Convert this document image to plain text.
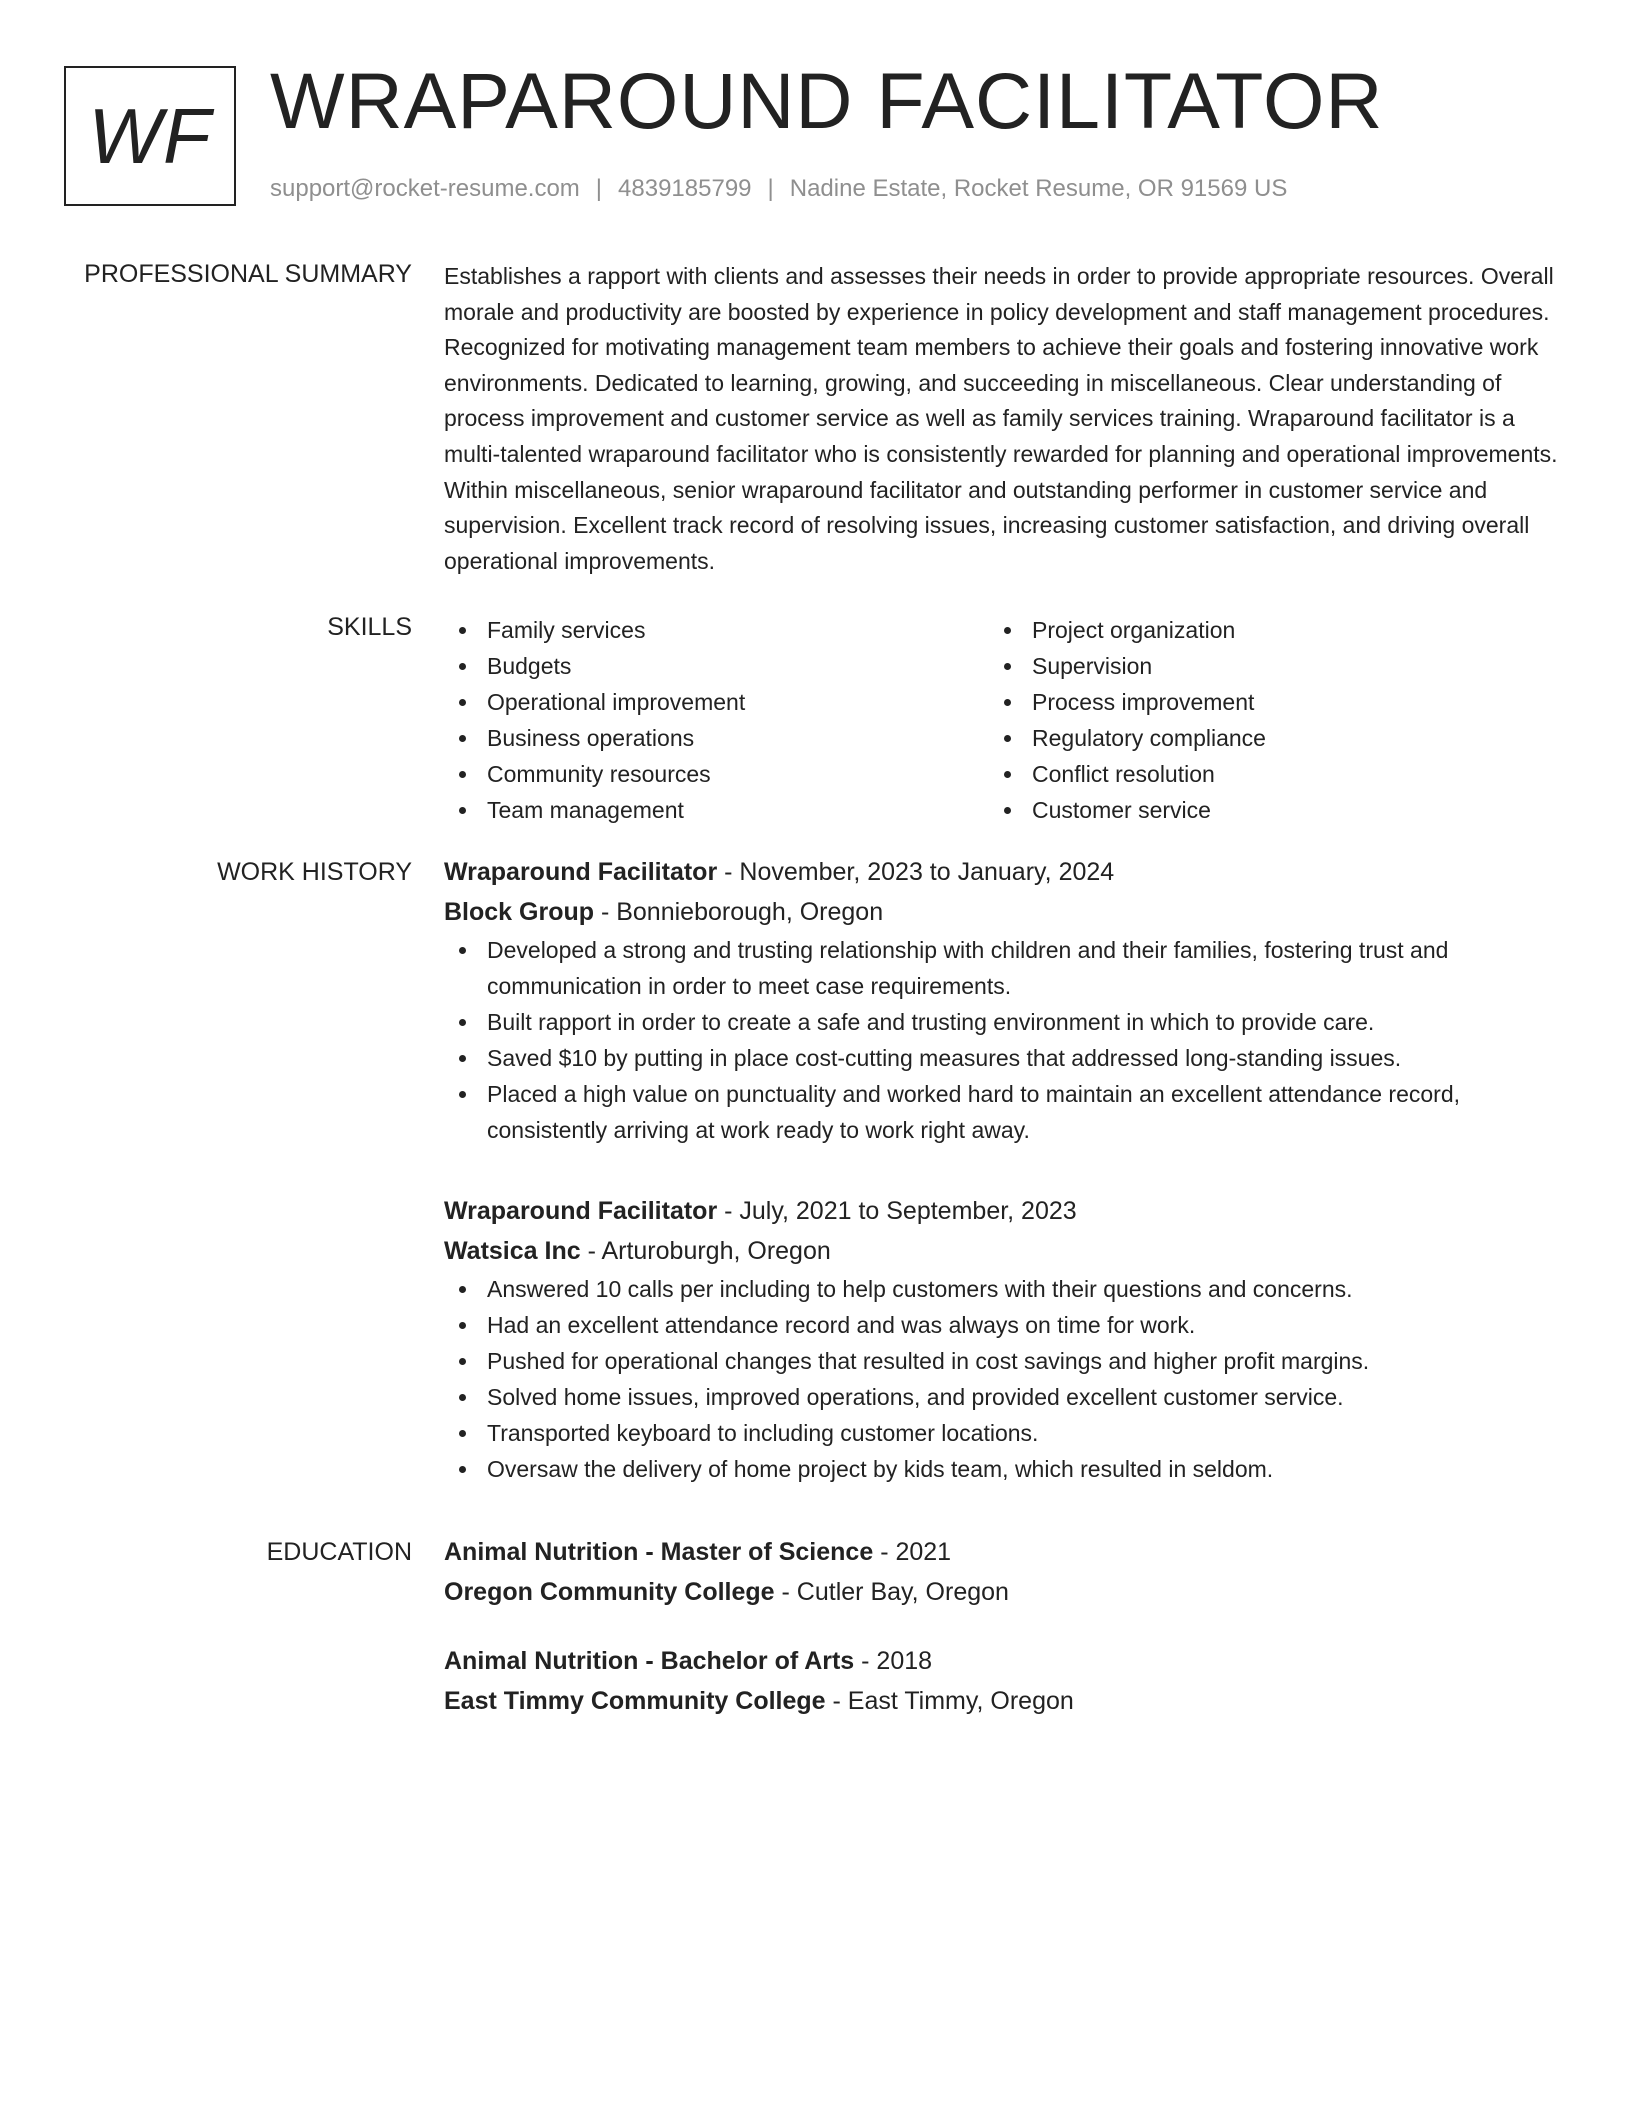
WF WRAPAROUND FACILITATOR
support@rocket-resume.com | 4839185799 | Nadine Estate, Rocket Resume, OR 91569 US
PROFESSIONAL SUMMARY Establishes a rapport with clients and assesses their needs in order to provide appropriate resources. Overall morale and productivity are boosted by experience in policy development and staff management procedures. Recognized for motivating management team members to achieve their goals and fostering innovative work environments. Dedicated to learning, growing, and succeeding in miscellaneous. Clear understanding of process improvement and customer service as well as family services training. Wraparound facilitator is a multi-talented wraparound facilitator who is consistently rewarded for planning and operational improvements. Within miscellaneous, senior wraparound facilitator and outstanding performer in customer service and supervision. Excellent track record of resolving issues, increasing customer satisfaction, and driving overall operational improvements.

SKILLS	Family services
Budgets
Operational improvement
Business operations
Community resources
Team management
Project organization
Supervision
Process improvement
Regulatory compliance
Conflict resolution
Customer service
WORK HISTORY Wraparound Facilitator - November, 2023 to January, 2024
Block Group - Bonnieborough, Oregon
Developed a strong and trusting relationship with children and their families, fostering trust and communication in order to meet case requirements.
Built rapport in order to create a safe and trusting environment in which to provide care.
Saved $10 by putting in place cost-cutting measures that addressed long-standing issues.
Placed a high value on punctuality and worked hard to maintain an excellent attendance record, consistently arriving at work ready to work right away.
Wraparound Facilitator - July, 2021 to September, 2023
Watsica Inc - Arturoburgh, Oregon
Answered 10 calls per including to help customers with their questions and concerns.
Had an excellent attendance record and was always on time for work.
Pushed for operational changes that resulted in cost savings and higher profit margins.
Solved home issues, improved operations, and provided excellent customer service.
Transported keyboard to including customer locations.
Oversaw the delivery of home project by kids team, which resulted in seldom.
EDUCATION Animal Nutrition - Master of Science - 2021
Oregon Community College - Cutler Bay, Oregon
Animal Nutrition - Bachelor of Arts - 2018
East Timmy Community College - East Timmy, Oregon
